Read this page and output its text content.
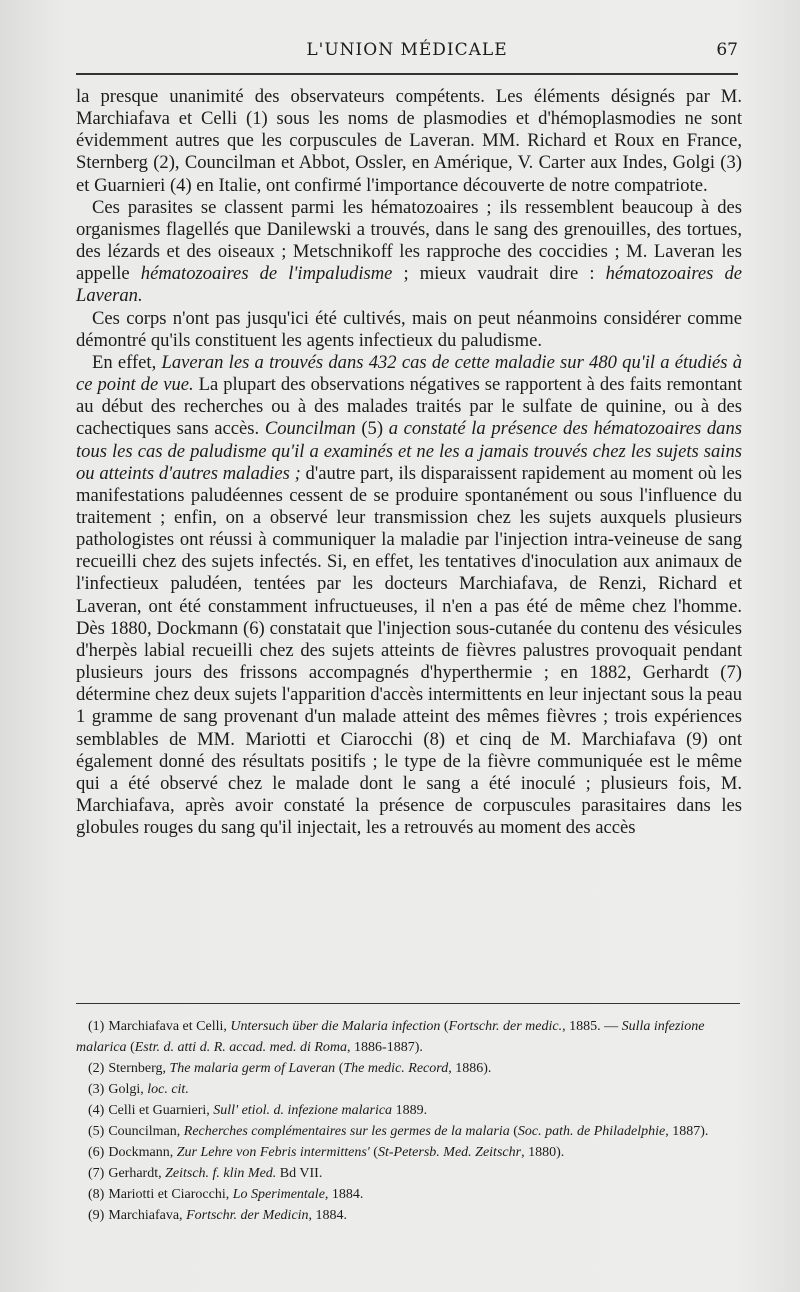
L'UNION MÉDICALE	67

la presque unanimité des observateurs compétents. Les éléments désignés par M. Marchiafava et Celli (1) sous les noms de plasmodies et d'hémoplasmodies ne sont évidemment autres que les corpuscules de Laveran. MM. Richard et Roux en France, Sternberg (2), Councilman et Abbot, Ossler, en Amérique, V. Carter aux Indes, Golgi (3) et Guarnieri (4) en Italie, ont confirmé l'importance découverte de notre compatriote.

Ces parasites se classent parmi les hématozoaires ; ils ressemblent beaucoup à des organismes flagellés que Danilewski a trouvés, dans le sang des grenouilles, des tortues, des lézards et des oiseaux ; Metschnikoff les rapproche des coccidies ; M. Laveran les appelle hématozoaires de l'impaludisme ; mieux vaudrait dire : hématozoaires de Laveran.

Ces corps n'ont pas jusqu'ici été cultivés, mais on peut néanmoins considérer comme démontré qu'ils constituent les agents infectieux du paludisme.

En effet, Laveran les a trouvés dans 432 cas de cette maladie sur 480 qu'il a étudiés à ce point de vue. La plupart des observations négatives se rapportent à des faits remontant au début des recherches ou à des malades traités par le sulfate de quinine, ou à des cachectiques sans accès. Councilman (5) a constaté la présence des hématozoaires dans tous les cas de paludisme qu'il a examinés et ne les a jamais trouvés chez les sujets sains ou atteints d'autres maladies ; d'autre part, ils disparaissent rapidement au moment où les manifestations paludéennes cessent de se produire spontanément ou sous l'influence du traitement ; enfin, on a observé leur transmission chez les sujets auxquels plusieurs pathologistes ont réussi à communiquer la maladie par l'injection intra-veineuse de sang recueilli chez des sujets infectés. Si, en effet, les tentatives d'inoculation aux animaux de l'infectieux paludéen, tentées par les docteurs Marchiafava, de Renzi, Richard et Laveran, ont été constamment infructueuses, il n'en a pas été de même chez l'homme. Dès 1880, Dockmann (6) constatait que l'injection sous-cutanée du contenu des vésicules d'herpès labial recueilli chez des sujets atteints de fièvres palustres provoquait pendant plusieurs jours des frissons accompagnés d'hyperthermie ; en 1882, Gerhardt (7) détermine chez deux sujets l'apparition d'accès intermittents en leur injectant sous la peau 1 gramme de sang provenant d'un malade atteint des mêmes fièvres ; trois expériences semblables de MM. Mariotti et Ciarocchi (8) et cinq de M. Marchiafava (9) ont également donné des résultats positifs ; le type de la fièvre communiquée est le même qui a été observé chez le malade dont le sang a été inoculé ; plusieurs fois, M. Marchiafava, après avoir constaté la présence de corpuscules parasitaires dans les globules rouges du sang qu'il injectait, les a retrouvés au moment des accès

(1) Marchiafava et Celli, Untersuch über die Malaria infection (Fortschr. der medic., 1885. — Sulla infezione malarica (Estr. d. atti d. R. accad. med. di Roma, 1886-1887).

(2) Sternberg, The malaria germ of Laveran (The medic. Record, 1886).

(3) Golgi, loc. cit.

(4) Celli et Guarnieri, Sull' etiol. d. infezione malarica 1889.

(5) Councilman, Recherches complémentaires sur les germes de la malaria (Soc. path. de Philadelphie, 1887).

(6) Dockmann, Zur Lehre von Febris intermittens' (St-Petersb. Med. Zeitschr, 1880).

(7) Gerhardt, Zeitsch. f. klin Med. Bd VII.

(8) Mariotti et Ciarocchi, Lo Sperimentale, 1884.

(9) Marchiafava, Fortschr. der Medicin, 1884.
